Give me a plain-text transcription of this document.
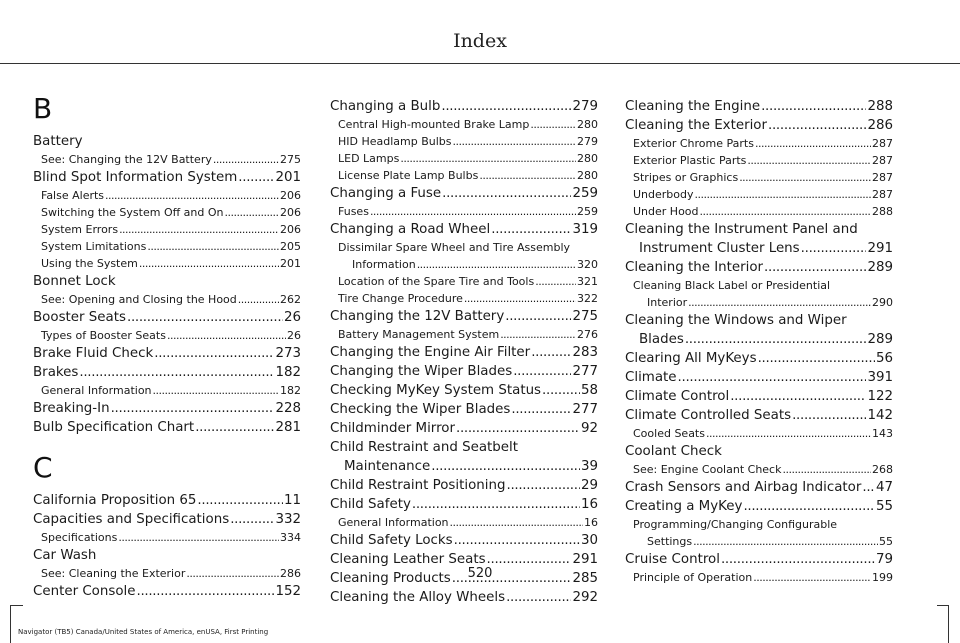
Index
B
Battery
See: Changing the 12V Battery .....	275
Blind Spot Information System .....	201
False Alerts .....	206
Switching the System Off and On .....	206
System Errors .....	206
System Limitations .....	205
Using the System .....	201
Bonnet Lock
See: Opening and Closing the Hood .....	262
Booster Seats .....	26
Types of Booster Seats .....	26
Brake Fluid Check .....	273
Brakes .....	182
General Information .....	182
Breaking-In .....	228
Bulb Specification Chart .....	281
C
California Proposition 65 .....	11
Capacities and Specifications .....	332
Specifications .....	334
Car Wash
See: Cleaning the Exterior .....	286
Center Console .....	152
Changing a Bulb .....	279
Central High-mounted Brake Lamp .....	280
HID Headlamp Bulbs .....	279
LED Lamps .....	280
License Plate Lamp Bulbs .....	280
Changing a Fuse .....	259
Fuses .....	259
Changing a Road Wheel .....	319
Dissimilar Spare Wheel and Tire Assembly
Information .....	320
Location of the Spare Tire and Tools .....	321
Tire Change Procedure .....	322
Changing the 12V Battery .....	275
Battery Management System .....	276
Changing the Engine Air Filter .....	283
Changing the Wiper Blades .....	277
Checking MyKey System Status .....	58
Checking the Wiper Blades .....	277
Childminder Mirror .....	92
Child Restraint and Seatbelt
Maintenance .....	39
Child Restraint Positioning .....	29
Child Safety .....	16
General Information .....	16
Child Safety Locks .....	30
Cleaning Leather Seats .....	291
Cleaning Products .....	285
Cleaning the Alloy Wheels .....	292
Cleaning the Engine .....	288
Cleaning the Exterior .....	286
Exterior Chrome Parts .....	287
Exterior Plastic Parts .....	287
Stripes or Graphics .....	287
Underbody .....	287
Under Hood .....	288
Cleaning the Instrument Panel and
Instrument Cluster Lens .....	291
Cleaning the Interior .....	289
Cleaning Black Label or Presidential
Interior .....	290
Cleaning the Windows and Wiper
Blades .....	289
Clearing All MyKeys .....	56
Climate .....	391
Climate Control .....	122
Climate Controlled Seats .....	142
Cooled Seats .....	143
Coolant Check
See: Engine Coolant Check .....	268
Crash Sensors and Airbag Indicator ..... 47
Creating a MyKey .....	55
Programming/Changing Configurable
Settings .....	55
Cruise Control .....	79
Principle of Operation .....	199
520
Navigator (TB5) Canada/United States of America, enUSA, First Printing
